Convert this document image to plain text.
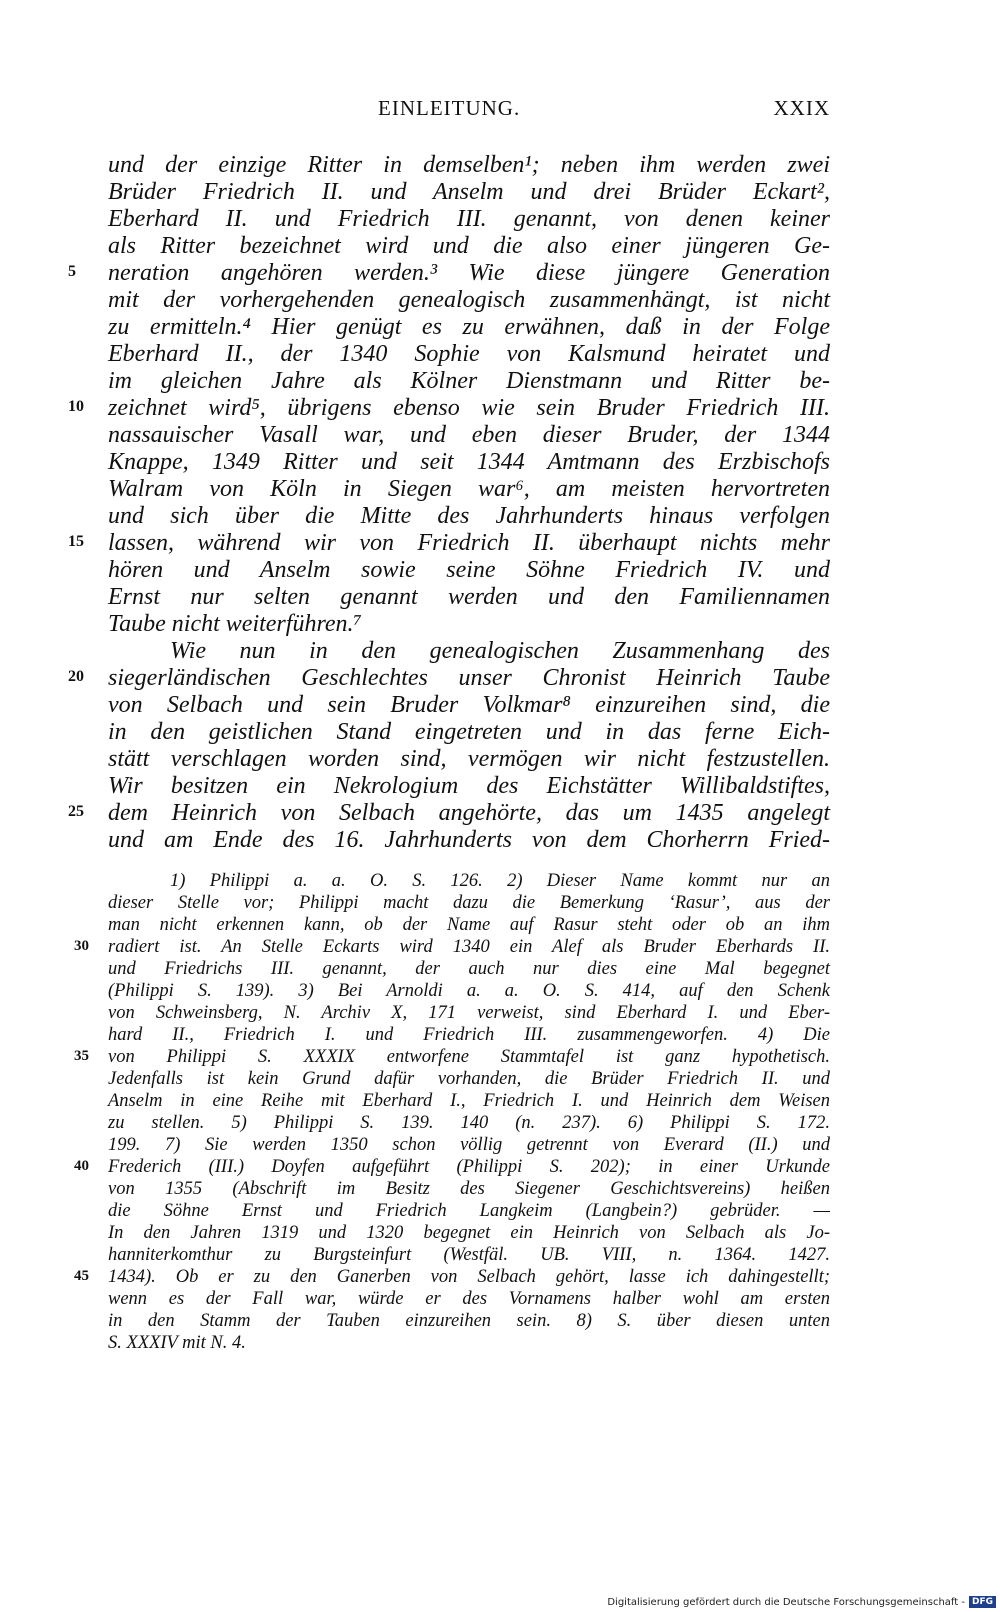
EINLEITUNG.	XXIX
und der einzige Ritter in demselben¹; neben ihm werden zwei
Brüder Friedrich II. und Anselm und drei Brüder Eckart²,
Eberhard II. und Friedrich III. genannt, von denen keiner
als Ritter bezeichnet wird und die also einer jüngeren Ge-
neration angehören werden.³ Wie diese jüngere Generation
mit der vorhergehenden genealogisch zusammenhängt, ist nicht
zu ermitteln.⁴ Hier genügt es zu erwähnen, daß in der Folge
Eberhard II., der 1340 Sophie von Kalsmund heiratet und
im gleichen Jahre als Kölner Dienstmann und Ritter be-
zeichnet wird⁵, übrigens ebenso wie sein Bruder Friedrich III.
nassauischer Vasall war, und eben dieser Bruder, der 1344
Knappe, 1349 Ritter und seit 1344 Amtmann des Erzbischofs
Walram von Köln in Siegen war⁶, am meisten hervortreten
und sich über die Mitte des Jahrhunderts hinaus verfolgen
lassen, während wir von Friedrich II. überhaupt nichts mehr
hören und Anselm sowie seine Söhne Friedrich IV. und
Ernst nur selten genannt werden und den Familiennamen
Taube nicht weiterführen.⁷
Wie nun in den genealogischen Zusammenhang des
siegerländischen Geschlechtes unser Chronist Heinrich Taube
von Selbach und sein Bruder Volkmar⁸ einzureihen sind, die
in den geistlichen Stand eingetreten und in das ferne Eich-
stätt verschlagen worden sind, vermögen wir nicht festzustellen.
Wir besitzen ein Nekrologium des Eichstätter Willibaldstiftes,
dem Heinrich von Selbach angehörte, das um 1435 angelegt
und am Ende des 16. Jahrhunderts von dem Chorherrn Fried-
5
10
15
20
25
1) Philippi a. a. O. S. 126. 2) Dieser Name kommt nur an
dieser Stelle vor; Philippi macht dazu die Bemerkung ‘Rasur’, aus der
man nicht erkennen kann, ob der Name auf Rasur steht oder ob an ihm
radiert ist. An Stelle Eckarts wird 1340 ein Alef als Bruder Eberhards II.
und Friedrichs III. genannt, der auch nur dies eine Mal begegnet
(Philippi S. 139). 3) Bei Arnoldi a. a. O. S. 414, auf den Schenk
von Schweinsberg, N. Archiv X, 171 verweist, sind Eberhard I. und Eber-
hard II., Friedrich I. und Friedrich III. zusammengeworfen. 4) Die
von Philippi S. XXXIX entworfene Stammtafel ist ganz hypothetisch.
Jedenfalls ist kein Grund dafür vorhanden, die Brüder Friedrich II. und
Anselm in eine Reihe mit Eberhard I., Friedrich I. und Heinrich dem Weisen
zu stellen. 5) Philippi S. 139. 140 (n. 237). 6) Philippi S. 172.
199. 7) Sie werden 1350 schon völlig getrennt von Everard (II.) und
Frederich (III.) Doyfen aufgeführt (Philippi S. 202); in einer Urkunde
von 1355 (Abschrift im Besitz des Siegener Geschichtsvereins) heißen
die Söhne Ernst und Friedrich Langkeim (Langbein?) gebrüder. —
In den Jahren 1319 und 1320 begegnet ein Heinrich von Selbach als Jo-
hanniterkomthur zu Burgsteinfurt (Westfäl. UB. VIII, n. 1364. 1427.
1434). Ob er zu den Ganerben von Selbach gehört, lasse ich dahingestellt;
wenn es der Fall war, würde er des Vornamens halber wohl am ersten
in den Stamm der Tauben einzureihen sein. 8) S. über diesen unten
S. XXXIV mit N. 4.
30
35
40
45
Digitalisierung gefördert durch die Deutsche Forschungsgemeinschaft - DFG
